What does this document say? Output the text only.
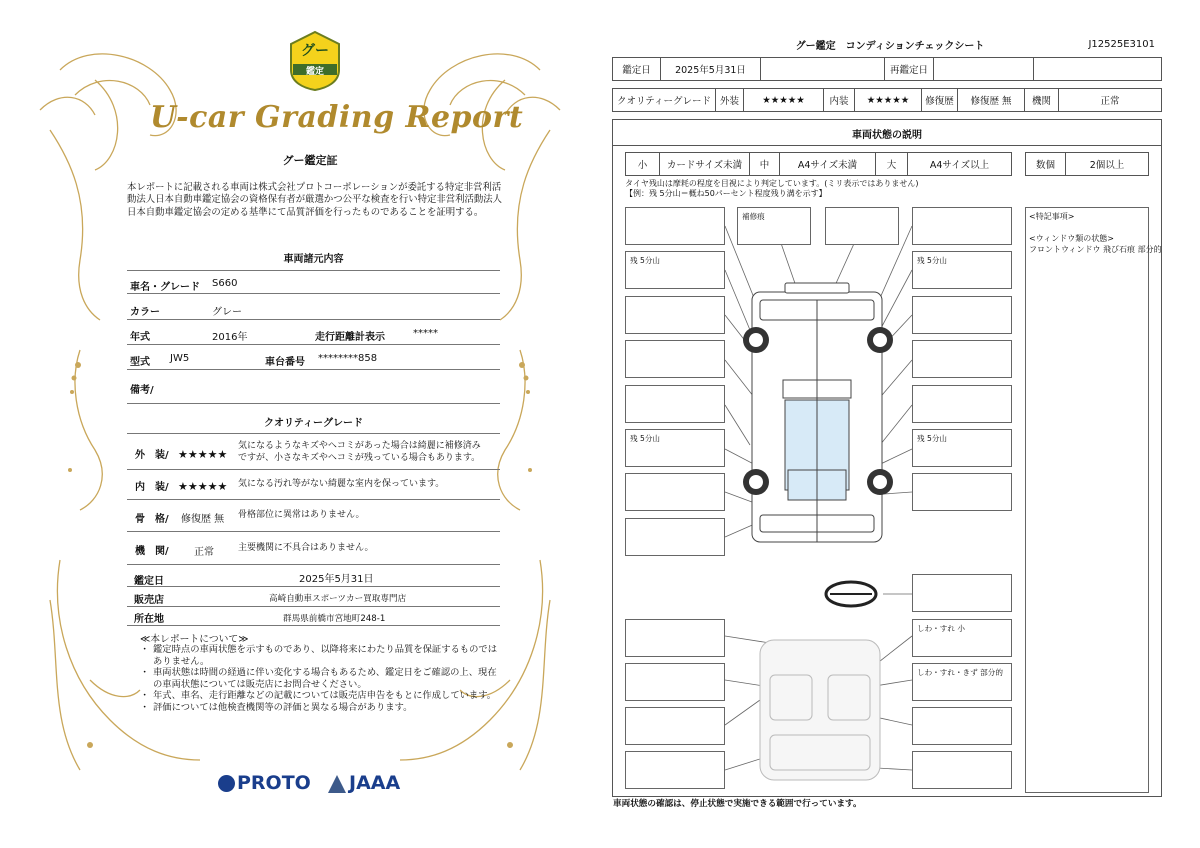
グー
鑑定
U-car Grading Report
グー鑑定証
本レポートに記載される車両は株式会社プロトコーポレーションが委託する特定非営利活動法人日本自動車鑑定協会の資格保有者が厳選かつ公平な検査を行い特定非営利活動法人日本自動車鑑定協会の定める基準にて品質評価を行ったものであることを証明する。
車両諸元内容
車名・グレード S660
カラー	グレー
年式	2016年	走行距離計表示	*****
型式 JW5	車台番号 ********858
備考/
クオリティーグレード
外　装/ ★★★★★
気になるようなキズやヘコミがあった場合は綺麗に補修済み
ですが、小さなキズやヘコミが残っている場合もあります。
内　装/ ★★★★★ 気になる汚れ等がない綺麗な室内を保っています。
骨　格/ 修復歴 無 骨格部位に異常はありません。
機　関/	正常	主要機関に不具合はありません。
鑑定日	2025年5月31日
販売店	高崎自動車スポーツカー買取専門店
所在地	群馬県前橋市宮地町248-1
≪本レポートについて≫
・ 鑑定時点の車両状態を示すものであり、以降将来にわたり品質を保証するものではありません。
・ 車両状態は時間の経過に伴い変化する場合もあるため、鑑定日をご確認の上、現在の車両状態については販売店にお問合せください。
・ 年式、車名、走行距離などの記載については販売店申告をもとに作成しています。
・ 評価については他検査機関等の評価と異なる場合があります。
PROTO	JAAA
グー鑑定　コンディションチェックシート	J12525E3101
鑑定日	2025年5月31日		再鑑定日		
クオリティーグレード	外装	★★★★★	内装	★★★★★	修復歴	修復歴 無	機関	正常
車両状態の説明
小	カードサイズ未満	中	A4サイズ未満	大	A4サイズ以上	数個	2個以上
タイヤ残山は摩耗の程度を目視により判定しています。(ミリ表示ではありません)
【例：残 5分山＝概ね50パーセント程度残り溝を示す】
残 5分山
残 5分山
補修痕
残 5分山
残 5分山
しわ・すれ 小
しわ・すれ・きず 部分的
<特記事項>
<ウィンドウ類の状態>
フロントウィンドウ 飛び石痕 部分的
車両状態の確認は、停止状態で実施できる範囲で行っています。
